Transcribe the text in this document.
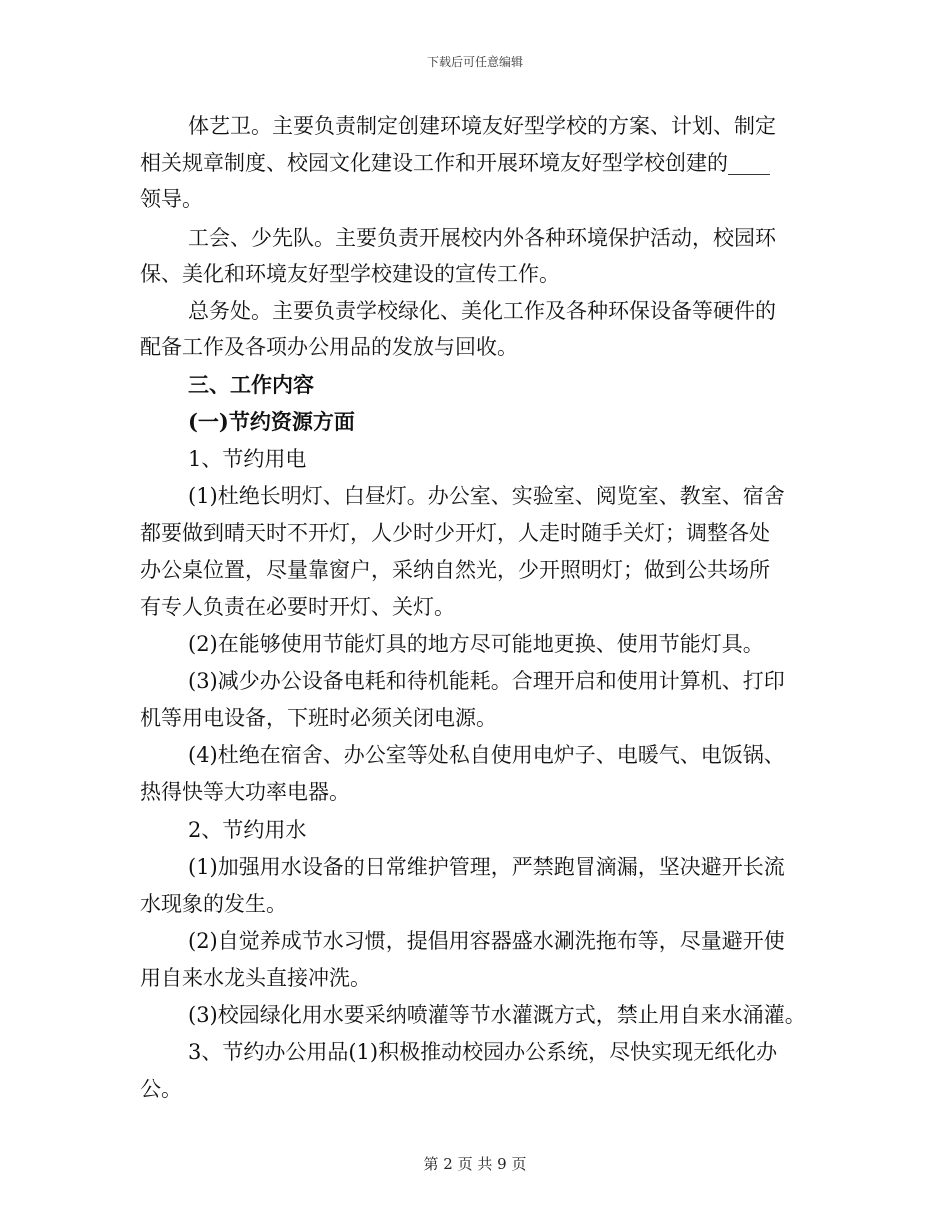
下载后可任意编辑
体艺卫。主要负责制定创建环境友好型学校的方案、计划、制定
相关规章制度、校园文化建设工作和开展环境友好型学校创建的____
领导。
工会、少先队。主要负责开展校内外各种环境保护活动，校园环
保、美化和环境友好型学校建设的宣传工作。
总务处。主要负责学校绿化、美化工作及各种环保设备等硬件的
配备工作及各项办公用品的发放与回收。
三、工作内容
(一)节约资源方面
1、节约用电
(1)杜绝长明灯、白昼灯。办公室、实验室、阅览室、教室、宿舍
都要做到晴天时不开灯，人少时少开灯，人走时随手关灯；调整各处
办公桌位置，尽量靠窗户，采纳自然光，少开照明灯；做到公共场所
有专人负责在必要时开灯、关灯。
(2)在能够使用节能灯具的地方尽可能地更换、使用节能灯具。
(3)减少办公设备电耗和待机能耗。合理开启和使用计算机、打印
机等用电设备，下班时必须关闭电源。
(4)杜绝在宿舍、办公室等处私自使用电炉子、电暖气、电饭锅、
热得快等大功率电器。
2、节约用水
(1)加强用水设备的日常维护管理，严禁跑冒滴漏，坚决避开长流
水现象的发生。
(2)自觉养成节水习惯，提倡用容器盛水涮洗拖布等，尽量避开使
用自来水龙头直接冲洗。
(3)校园绿化用水要采纳喷灌等节水灌溉方式，禁止用自来水涌灌。
3、节约办公用品(1)积极推动校园办公系统，尽快实现无纸化办
公。
第 2 页 共 9 页
